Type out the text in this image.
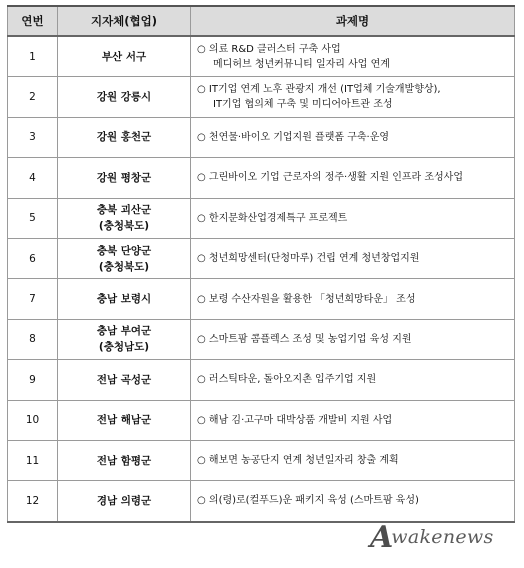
연번	지자체(협업)	과제명
1	부산 서구	○ 의료 R&D 클러스터 구축 사업
메디허브 청년커뮤니티 일자리 사업 연계

2	강원 강릉시	○ IT기업 연계 노후 관광지 개선 (IT업체 기술개발향상),
IT기업 협의체 구축 및 미디어아트관 조성

3	강원 홍천군	○ 천연물·바이오 기업지원 플랫폼 구축·운영

4	강원 평창군	○ 그린바이오 기업 근로자의 정주·생활 지원 인프라 조성사업

5	충북 괴산군
(충청북도)	○ 한지문화산업경제특구 프로젝트

6	충북 단양군
(충청북도)	○ 청년희망센터(단청마루) 건립 연계 청년창업지원

7	충남 보령시	○ 보령 수산자원을 활용한 「청년희망타운」 조성

8	충남 부여군
(충청남도)	○ 스마트팜 콤플렉스 조성 및 농업기업 육성 지원

9	전남 곡성군	○ 러스틱타운, 돌아오지촌 입주기업 지원

10	전남 해남군	○ 해남 김·고구마 대박상품 개발비 지원 사업

11	전남 함평군	○ 해보면 농공단지 연계 청년일자리 창출 계획

12	경남 의령군	○ 의(령)로(컬푸드)운 패키지 육성 (스마트팜 육성)
A
wakenews
